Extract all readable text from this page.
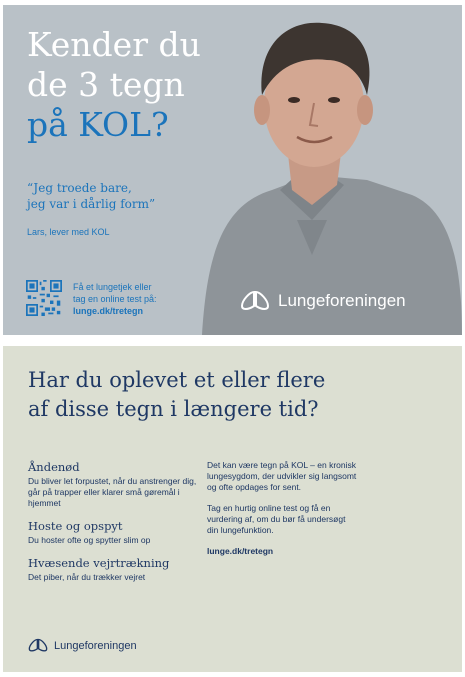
Kender du
de 3 tegn
på KOL?
“Jeg troede bare,
jeg var i dårlig form”
Lars, lever med KOL
Få et lungetjek eller
tag en online test på:
lunge.dk/tretegn
Lungeforeningen
Har du oplevet et eller flere
af disse tegn i længere tid?
Åndenød
Du bliver let forpustet, når du anstrenger dig, går på trapper eller klarer små gøremål i hjemmet
Hoste og opspyt
Du hoster ofte og spytter slim op
Hvæsende vejrtrækning
Det piber, når du trækker vejret
Det kan være tegn på KOL – en kronisk lungesygdom, der udvikler sig langsomt og ofte opdages for sent.
Tag en hurtig online test og få en vurdering af, om du bør få undersøgt din lungefunktion.
lunge.dk/tretegn
Lungeforeningen
